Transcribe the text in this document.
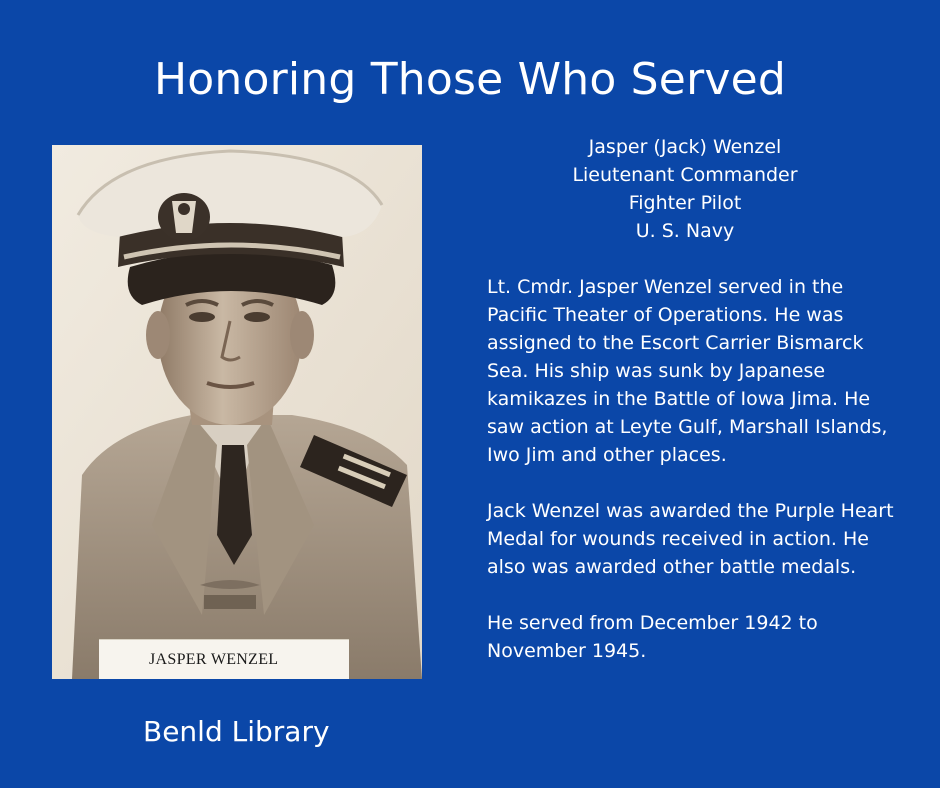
Honoring Those Who Served
JASPER WENZEL
Jasper (Jack) Wenzel
Lieutenant Commander
Fighter Pilot
U. S. Navy

Lt. Cmdr. Jasper Wenzel served in the Pacific Theater of Operations. He was assigned to the Escort Carrier Bismarck Sea. His ship was sunk by Japanese kamikazes in the Battle of Iowa Jima. He saw action at Leyte Gulf, Marshall Islands, Iwo Jim and other places.

Jack Wenzel was awarded the Purple Heart Medal for wounds received in action. He also was awarded other battle medals.

He served from December 1942 to November 1945.

Benld Library
